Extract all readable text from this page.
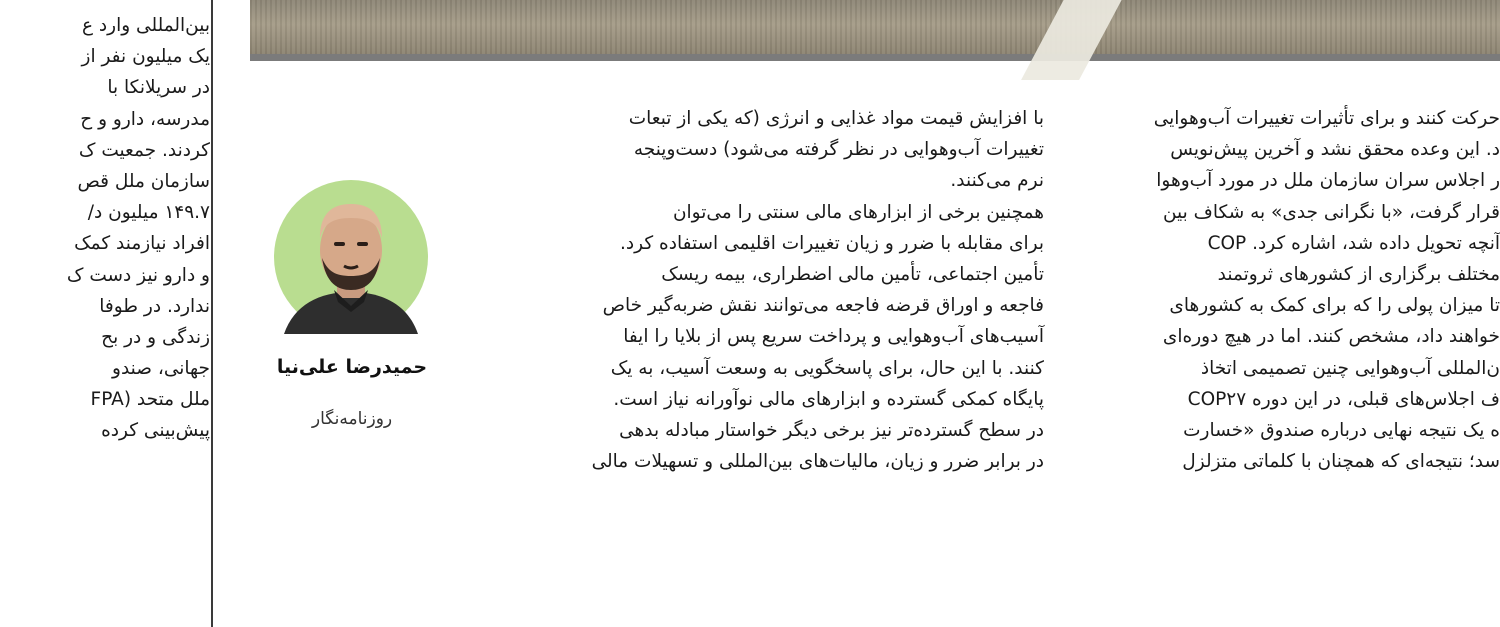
بین‌المللی وارد ع
یک میلیون نفر از
در سریلانکا با
مدرسه، دارو و ح
کردند. جمعیت ک
سازمان ملل قص
۱۴۹.۷ میلیون د/
افراد نیازمند کمک
و دارو نیز دست ک
ندارد. در طوفا
زندگی و در بح
جهانی، صندو
ملل متحد (FPA
پیش‌بینی کرده
حمیدرضا علی‌نیا
روزنامه‌نگار
با افزایش قیمت مواد غذایی و انرژی (که یکی از تبعات
تغییرات آب‌وهوایی در نظر گرفته می‌شود) دست‌وپنجه
نرم می‌کنند.
همچنین برخی از ابزارهای مالی سنتی را می‌توان
برای مقابله با ضرر و زیان تغییرات اقلیمی استفاده کرد.
تأمین اجتماعی، تأمین مالی اضطراری، بیمه ریسک
فاجعه و اوراق قرضه فاجعه می‌توانند نقش ضربه‌گیر خاص
آسیب‌های آب‌وهوایی و پرداخت سریع پس از بلایا را ایفا
کنند. با این حال، برای پاسخگویی به وسعت آسیب، به یک
پایگاه کمکی گسترده و ابزارهای مالی نوآورانه نیاز است.
در سطح گسترده‌تر نیز برخی دیگر خواستار مبادله بدهی
در برابر ضرر و زیان، مالیات‌های بین‌المللی و تسهیلات مالی
حرکت کنند و برای تأثیرات تغییرات آب‌وهوایی
د. این وعده محقق نشد و آخرین پیش‌نویس
ر اجلاس سران سازمان ملل در مورد آب‌وهوا
قرار گرفت، «با نگرانی جدی» به شکاف بین
آنچه تحویل داده شد، اشاره کرد. COP
مختلف برگزاری از کشورهای ثروتمند
تا میزان پولی را که برای کمک به کشورهای
خواهند داد، مشخص کنند. اما در هیچ دوره‌ای
ن‌المللی آب‌وهوایی چنین تصمیمی اتخاذ
ف اجلاس‌های قبلی، در این دوره COP۲۷
ه یک نتیجه نهایی درباره صندوق «خسارت
سد؛ نتیجه‌ای که همچنان با کلماتی متزلزل
